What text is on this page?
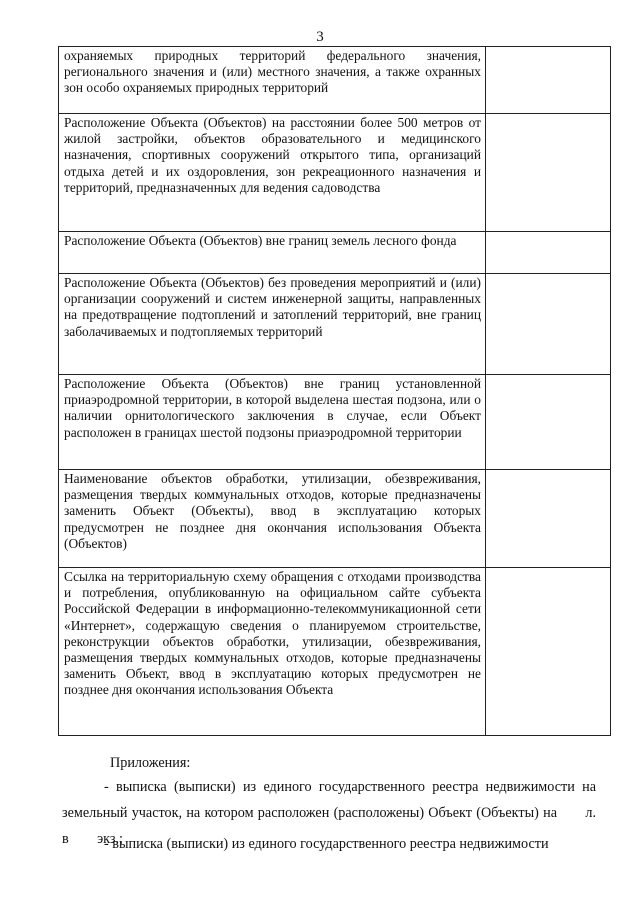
3
охраняемых природных территорий федерального значения, регионального значения и (или) местного значения, а также охранных зон особо охраняемых природных территорий	
Расположение Объекта (Объектов) на расстоянии более 500 метров от жилой застройки, объектов образовательного и медицинского назначения, спортивных сооружений открытого типа, организаций отдыха детей и их оздоровления, зон рекреационного назначения и территорий, предназначенных для ведения садоводства	
Расположение Объекта (Объектов) вне границ земель лесного фонда	
Расположение Объекта (Объектов) без проведения мероприятий и (или) организации сооружений и систем инженерной защиты, направленных на предотвращение подтоплений и затоплений территорий, вне границ заболачиваемых и подтопляемых территорий	
Расположение Объекта (Объектов) вне границ установленной приаэродромной территории, в которой выделена шестая подзона, или о наличии орнитологического заключения в случае, если Объект расположен в границах шестой подзоны приаэродромной территории	
Наименование объектов обработки, утилизации, обезвреживания, размещения твердых коммунальных отходов, которые предназначены заменить Объект (Объекты), ввод в эксплуатацию которых предусмотрен не позднее дня окончания использования Объекта (Объектов)	
Ссылка на территориальную схему обращения с отходами производства и потребления, опубликованную на официальном сайте субъекта Российской Федерации в информационно-телекоммуникационной сети «Интернет», содержащую сведения о планируемом строительстве, реконструкции объектов обработки, утилизации, обезвреживания, размещения твердых коммунальных отходов, которые предназначены заменить Объект, ввод в эксплуатацию которых предусмотрен не позднее дня окончания использования Объекта	
Приложения:
- выписка (выписки) из единого государственного реестра недвижимости на земельный участок, на котором расположен (расположены) Объект (Объекты) на  л. в  экз.;
- выписка (выписки) из единого государственного реестра недвижимости
